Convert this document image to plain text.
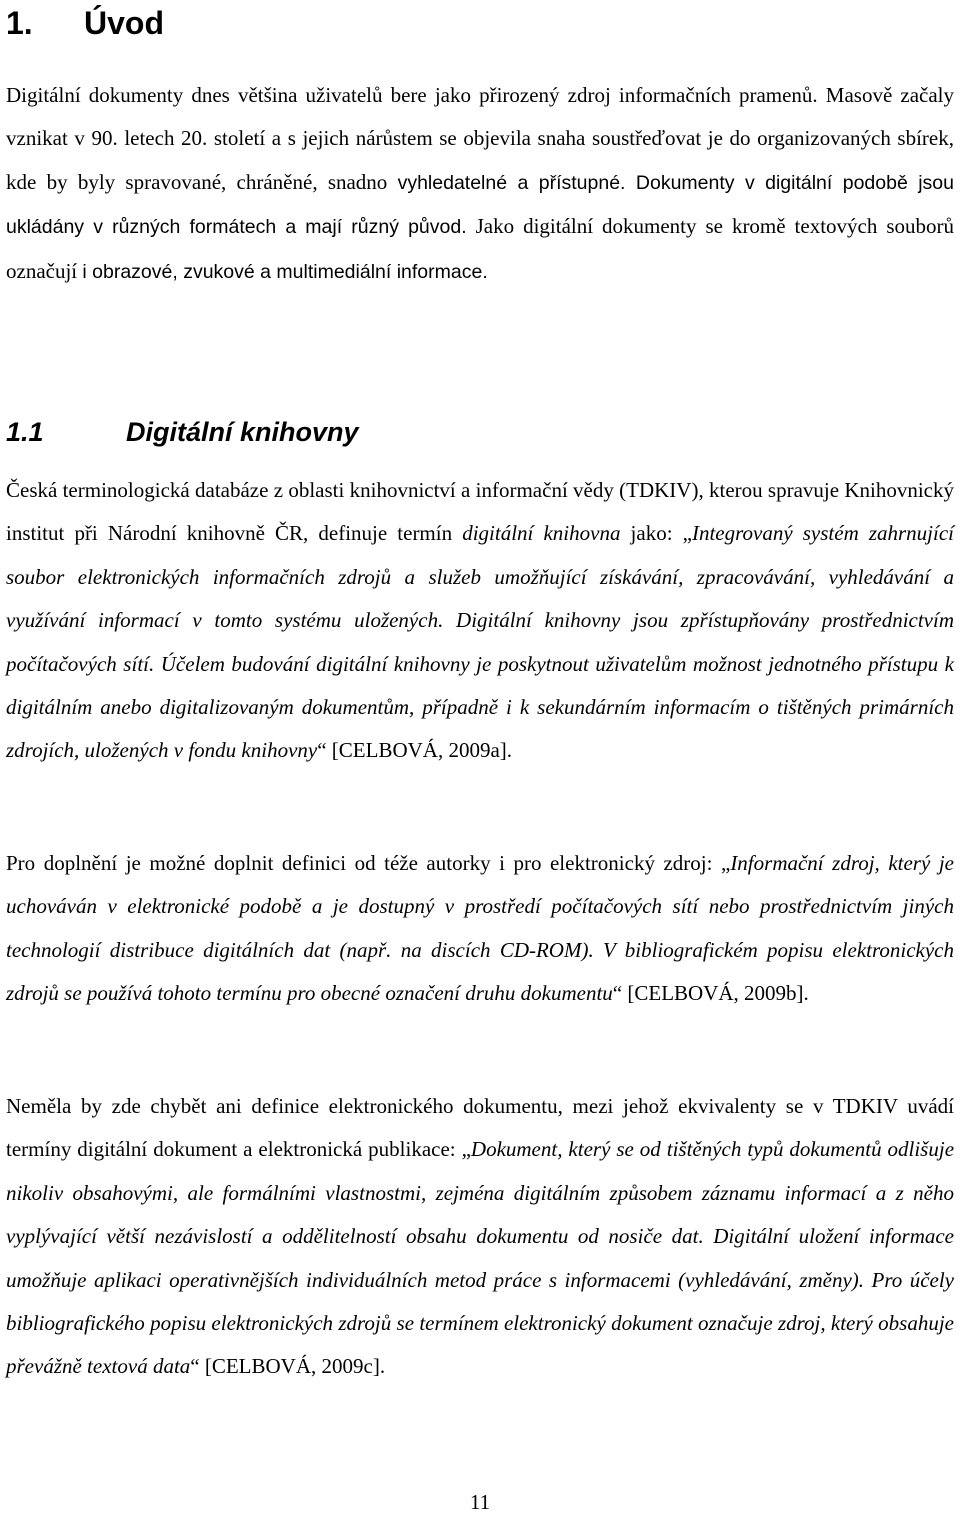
1. Úvod

Digitální dokumenty dnes většina uživatelů bere jako přirozený zdroj informačních pramenů. Masově začaly vznikat v 90. letech 20. století a s jejich nárůstem se objevila snaha soustřeďovat je do organizovaných sbírek, kde by byly spravované, chráněné, snadno vyhledatelné a přístupné. Dokumenty v digitální podobě jsou ukládány v různých formátech a mají různý původ. Jako digitální dokumenty se kromě textových souborů označují i obrazové, zvukové a multimediální informace.

1.1	Digitální knihovny

Česká terminologická databáze z oblasti knihovnictví a informační vědy (TDKIV), kterou spravuje Knihovnický institut při Národní knihovně ČR, definuje termín digitální knihovna jako: „Integrovaný systém zahrnující soubor elektronických informačních zdrojů a služeb umožňující získávání, zpracovávání, vyhledávání a využívání informací v tomto systému uložených. Digitální knihovny jsou zpřístupňovány prostřednictvím počítačových sítí. Účelem budování digitální knihovny je poskytnout uživatelům možnost jednotného přístupu k digitálním anebo digitalizovaným dokumentům, případně i k sekundárním informacím o tištěných primárních zdrojích, uložených v fondu knihovny“ [CELBOVÁ, 2009a].

Pro doplnění je možné doplnit definici od téže autorky i pro elektronický zdroj: „Informační zdroj, který je uchováván v elektronické podobě a je dostupný v prostředí počítačových sítí nebo prostřednictvím jiných technologií distribuce digitálních dat (např. na discích CD-ROM). V bibliografickém popisu elektronických zdrojů se používá tohoto termínu pro obecné označení druhu dokumentu“ [CELBOVÁ, 2009b].

Neměla by zde chybět ani definice elektronického dokumentu, mezi jehož ekvivalenty se v TDKIV uvádí termíny digitální dokument a elektronická publikace: „Dokument, který se od tištěných typů dokumentů odlišuje nikoliv obsahovými, ale formálními vlastnostmi, zejména digitálním způsobem záznamu informací a z něho vyplývající větší nezávislostí a oddělitelností obsahu dokumentu od nosiče dat. Digitální uložení informace umožňuje aplikaci operativnějších individuálních metod práce s informacemi (vyhledávání, změny). Pro účely bibliografického popisu elektronických zdrojů se termínem elektronický dokument označuje zdroj, který obsahuje převážně textová data“ [CELBOVÁ, 2009c].

11
